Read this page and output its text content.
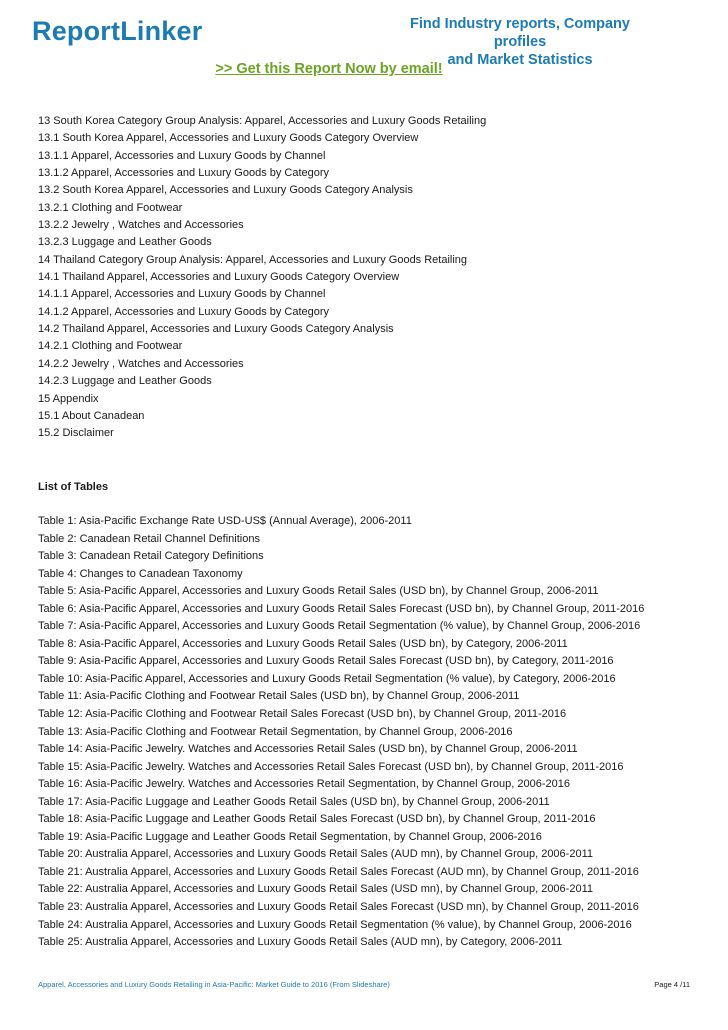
ReportLinker	Find Industry reports, Company profiles
and Market Statistics
>> Get this Report Now by email!
13 South Korea Category Group Analysis: Apparel, Accessories and Luxury Goods Retailing
13.1 South Korea Apparel, Accessories and Luxury Goods Category Overview
13.1.1 Apparel, Accessories and Luxury Goods by Channel
13.1.2 Apparel, Accessories and Luxury Goods by Category
13.2 South Korea Apparel, Accessories and Luxury Goods Category Analysis
13.2.1 Clothing and Footwear
13.2.2 Jewelry , Watches and Accessories
13.2.3 Luggage and Leather Goods
14 Thailand Category Group Analysis: Apparel, Accessories and Luxury Goods Retailing
14.1 Thailand Apparel, Accessories and Luxury Goods Category Overview
14.1.1 Apparel, Accessories and Luxury Goods by Channel
14.1.2 Apparel, Accessories and Luxury Goods by Category
14.2 Thailand Apparel, Accessories and Luxury Goods Category Analysis
14.2.1 Clothing and Footwear
14.2.2 Jewelry , Watches and Accessories
14.2.3 Luggage and Leather Goods
15 Appendix
15.1 About Canadean
15.2 Disclaimer
List of Tables
Table 1: Asia-Pacific Exchange Rate USD-US$ (Annual Average), 2006-2011
Table 2: Canadean Retail Channel Definitions
Table 3: Canadean Retail Category Definitions
Table 4: Changes to Canadean Taxonomy
Table 5: Asia-Pacific Apparel, Accessories and Luxury Goods Retail Sales (USD bn), by Channel Group, 2006-2011
Table 6: Asia-Pacific Apparel, Accessories and Luxury Goods Retail Sales Forecast (USD bn), by Channel Group, 2011-2016
Table 7: Asia-Pacific Apparel, Accessories and Luxury Goods Retail Segmentation (% value), by Channel Group, 2006-2016
Table 8: Asia-Pacific Apparel, Accessories and Luxury Goods Retail Sales (USD bn), by Category, 2006-2011
Table 9: Asia-Pacific Apparel, Accessories and Luxury Goods Retail Sales Forecast (USD bn), by Category, 2011-2016
Table 10: Asia-Pacific Apparel, Accessories and Luxury Goods Retail Segmentation (% value), by Category, 2006-2016
Table 11: Asia-Pacific Clothing and Footwear Retail Sales (USD bn), by Channel Group, 2006-2011
Table 12: Asia-Pacific Clothing and Footwear Retail Sales Forecast (USD bn), by Channel Group, 2011-2016
Table 13: Asia-Pacific Clothing and Footwear Retail Segmentation, by Channel Group, 2006-2016
Table 14: Asia-Pacific Jewelry. Watches and Accessories Retail Sales (USD bn), by Channel Group, 2006-2011
Table 15: Asia-Pacific Jewelry. Watches and Accessories Retail Sales Forecast (USD bn), by Channel Group, 2011-2016
Table 16: Asia-Pacific Jewelry. Watches and Accessories Retail Segmentation, by Channel Group, 2006-2016
Table 17: Asia-Pacific Luggage and Leather Goods Retail Sales (USD bn), by Channel Group, 2006-2011
Table 18: Asia-Pacific Luggage and Leather Goods Retail Sales Forecast (USD bn), by Channel Group, 2011-2016
Table 19: Asia-Pacific Luggage and Leather Goods Retail Segmentation, by Channel Group, 2006-2016
Table 20: Australia Apparel, Accessories and Luxury Goods Retail Sales (AUD mn), by Channel Group, 2006-2011
Table 21: Australia Apparel, Accessories and Luxury Goods Retail Sales Forecast (AUD mn), by Channel Group, 2011-2016
Table 22: Australia Apparel, Accessories and Luxury Goods Retail Sales (USD mn), by Channel Group, 2006-2011
Table 23: Australia Apparel, Accessories and Luxury Goods Retail Sales Forecast (USD mn), by Channel Group, 2011-2016
Table 24: Australia Apparel, Accessories and Luxury Goods Retail Segmentation (% value), by Channel Group, 2006-2016
Table 25: Australia Apparel, Accessories and Luxury Goods Retail Sales (AUD mn), by Category, 2006-2011
Apparel, Accessories and Luxury Goods Retailing in Asia-Pacific: Market Guide to 2016 (From Slideshare)	Page 4 /11
